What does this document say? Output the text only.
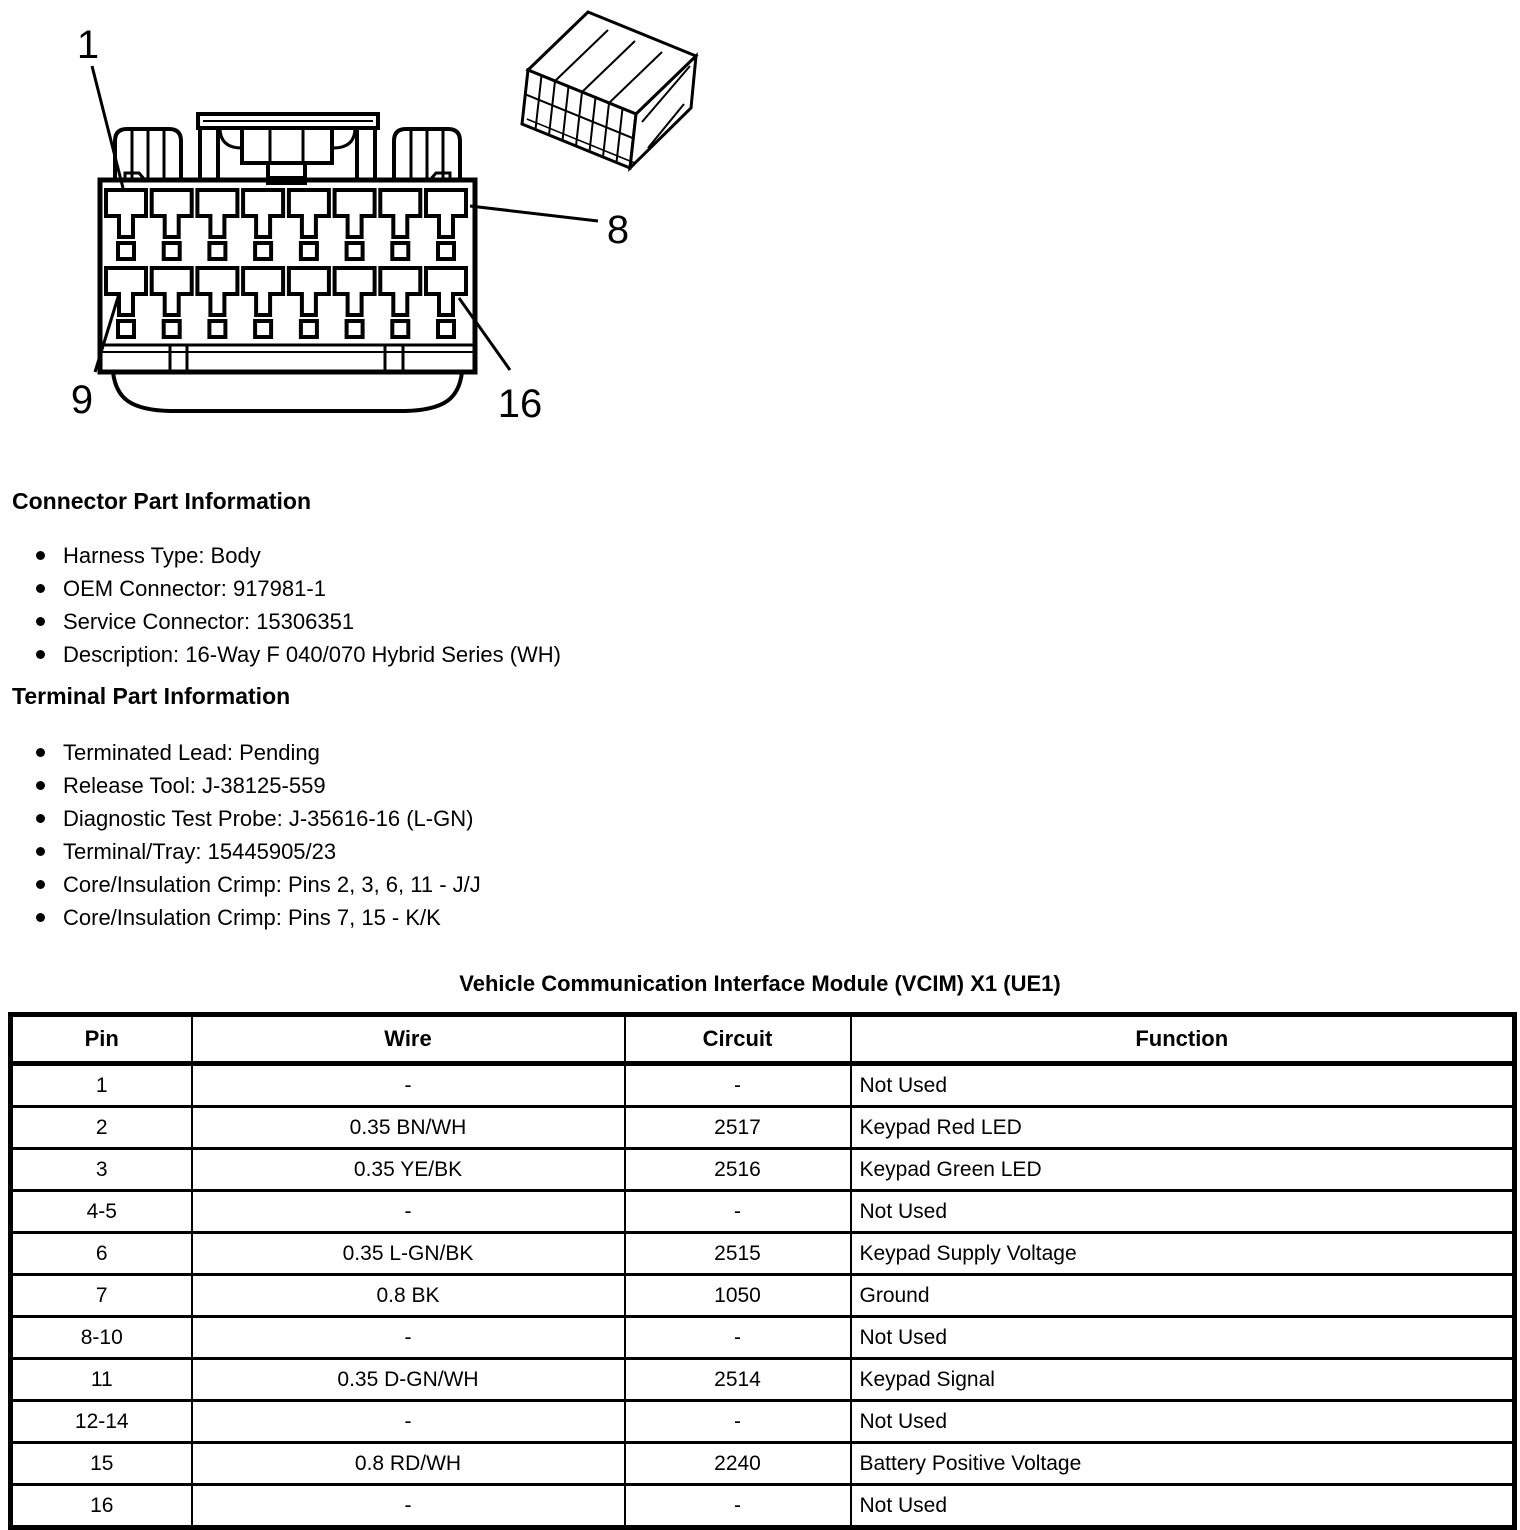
1
8
9	16
Connector Part Information
Harness Type: Body
OEM Connector: 917981-1
Service Connector: 15306351
Description: 16-Way F 040/070 Hybrid Series (WH)
Terminal Part Information
Terminated Lead: Pending
Release Tool: J-38125-559
Diagnostic Test Probe: J-35616-16 (L-GN)
Terminal/Tray: 15445905/23
Core/Insulation Crimp: Pins 2, 3, 6, 11 - J/J
Core/Insulation Crimp: Pins 7, 15 - K/K
Vehicle Communication Interface Module (VCIM) X1 (UE1)
Pin	Wire	Circuit	Function
1	-	-	Not Used
2	0.35 BN/WH	2517	Keypad Red LED
3	0.35 YE/BK	2516	Keypad Green LED
4-5	-	-	Not Used
6	0.35 L-GN/BK	2515	Keypad Supply Voltage
7	0.8 BK	1050	Ground
8-10	-	-	Not Used
11	0.35 D-GN/WH	2514	Keypad Signal
12-14	-	-	Not Used
15	0.8 RD/WH	2240	Battery Positive Voltage
16	-	-	Not Used
